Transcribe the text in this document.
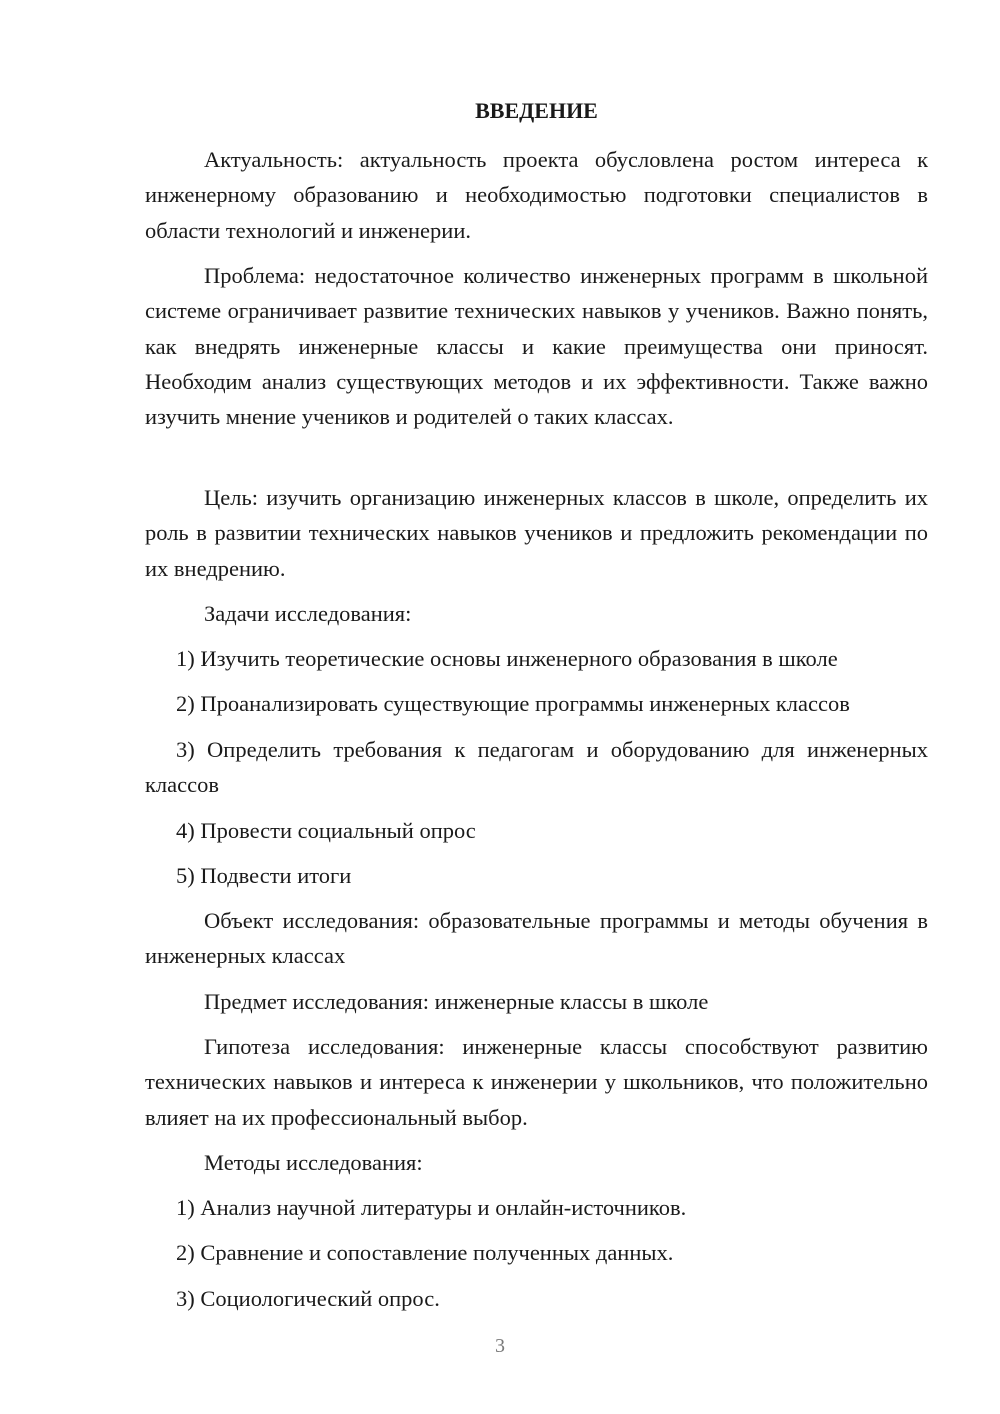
ВВЕДЕНИЕ

Актуальность: актуальность проекта обусловлена ростом интереса к инженерному образованию и необходимостью подготовки специалистов в области технологий и инженерии.

Проблема: недостаточное количество инженерных программ в школьной системе ограничивает развитие технических навыков у учеников. Важно понять, как внедрять инженерные классы и какие преимущества они приносят. Необходим анализ существующих методов и их эффективности. Также важно изучить мнение учеников и родителей о таких классах.

Цель: изучить организацию инженерных классов в школе, определить их роль в развитии технических навыков учеников и предложить рекомендации по их внедрению.

Задачи исследования:

1) Изучить теоретические основы инженерного образования в школе

2) Проанализировать существующие программы инженерных классов

3) Определить требования к педагогам и оборудованию для инженерных классов

4) Провести социальный опрос

5) Подвести итоги

Объект исследования: образовательные программы и методы обучения в инженерных классах

Предмет исследования: инженерные классы в школе

Гипотеза исследования: инженерные классы способствуют развитию технических навыков и интереса к инженерии у школьников, что положительно влияет на их профессиональный выбор.

Методы исследования:

1) Анализ научной литературы и онлайн-источников.

2) Сравнение и сопоставление полученных данных.

3) Социологический опрос.

3
